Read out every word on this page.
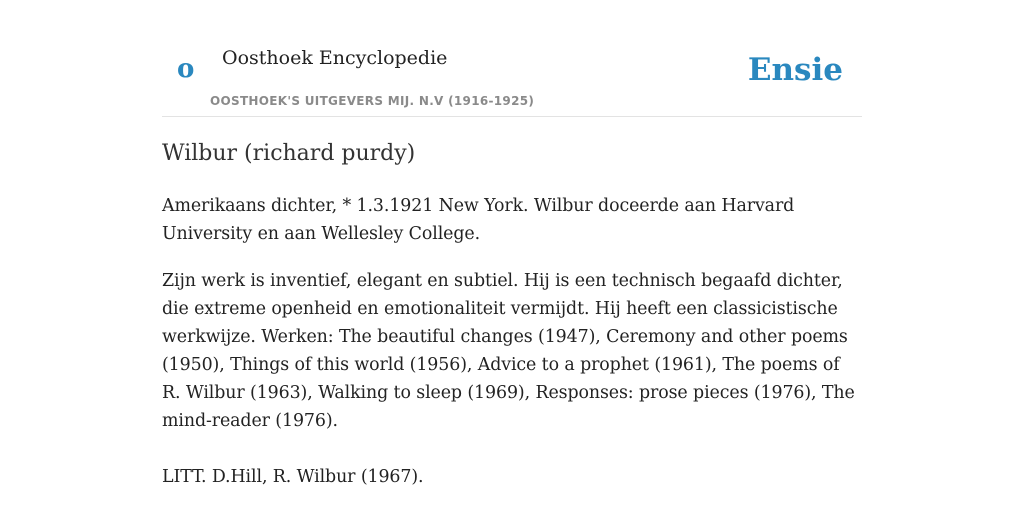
o Oosthoek Encyclopedie
OOSTHOEK'S UITGEVERS MIJ. N.V (1916-1925)
Ensie
Wilbur (richard purdy)

Amerikaans dichter, * 1.3.1921 New York. Wilbur doceerde aan Harvard University en aan Wellesley College.

Zijn werk is inventief, elegant en subtiel. Hij is een technisch begaafd dichter, die extreme openheid en emotionaliteit vermijdt. Hij heeft een classicistische werkwijze. Werken: The beautiful changes (1947), Ceremony and other poems (1950), Things of this world (1956), Advice to a prophet (1961), The poems of R. Wilbur (1963), Walking to sleep (1969), Responses: prose pieces (1976), The mind-reader (1976).

LITT. D.Hill, R. Wilbur (1967).
